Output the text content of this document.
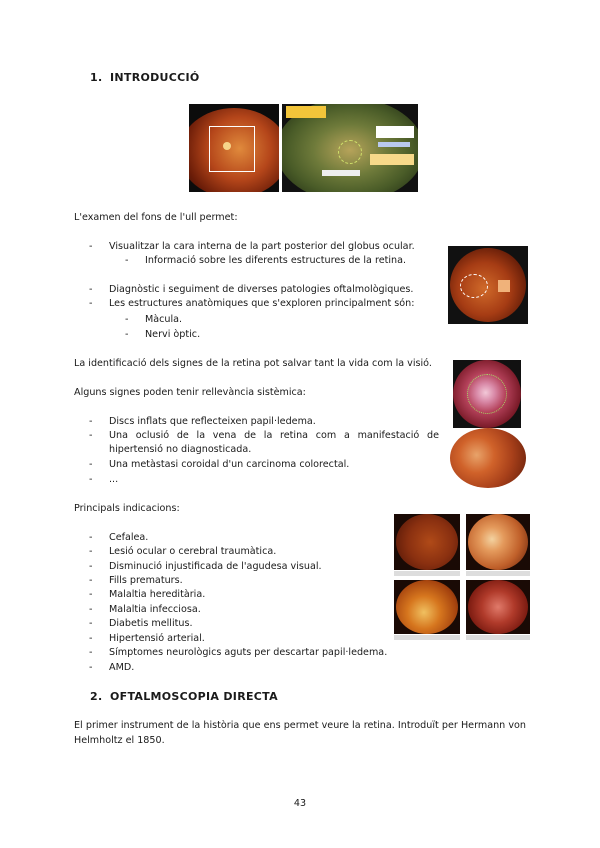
1. INTRODUCCIÓ
L'examen del fons de l'ull permet:
- Visualitzar la cara interna de la part posterior del globus ocular.
- Informació sobre les diferents estructures de la retina.
- Diagnòstic i seguiment de diverses patologies oftalmològiques.
- Les estructures anatòmiques que s'exploren principalment són:
- Màcula.
- Nervi òptic.
La identificació dels signes de la retina pot salvar tant la vida com la visió.
Alguns signes poden tenir rellevància sistèmica:
- Discs inflats que reflecteixen papil·ledema.
- Una oclusió de la vena de la retina com a manifestació de hipertensió no diagnosticada.
- Una metàstasi coroidal d'un carcinoma colorectal.
- ...
Principals indicacions:
- Cefalea.
- Lesió ocular o cerebral traumàtica.
- Disminució injustificada de l'agudesa visual.
- Fills prematurs.
- Malaltia hereditària.
- Malaltia infecciosa.
- Diabetis mellitus.
- Hipertensió arterial.
- Símptomes neurològics aguts per descartar papil·ledema.
- AMD.
2. OFTALMOSCOPIA DIRECTA
El primer instrument de la història que ens permet veure la retina. Introduït per Hermann von Helmholtz el 1850.
43
